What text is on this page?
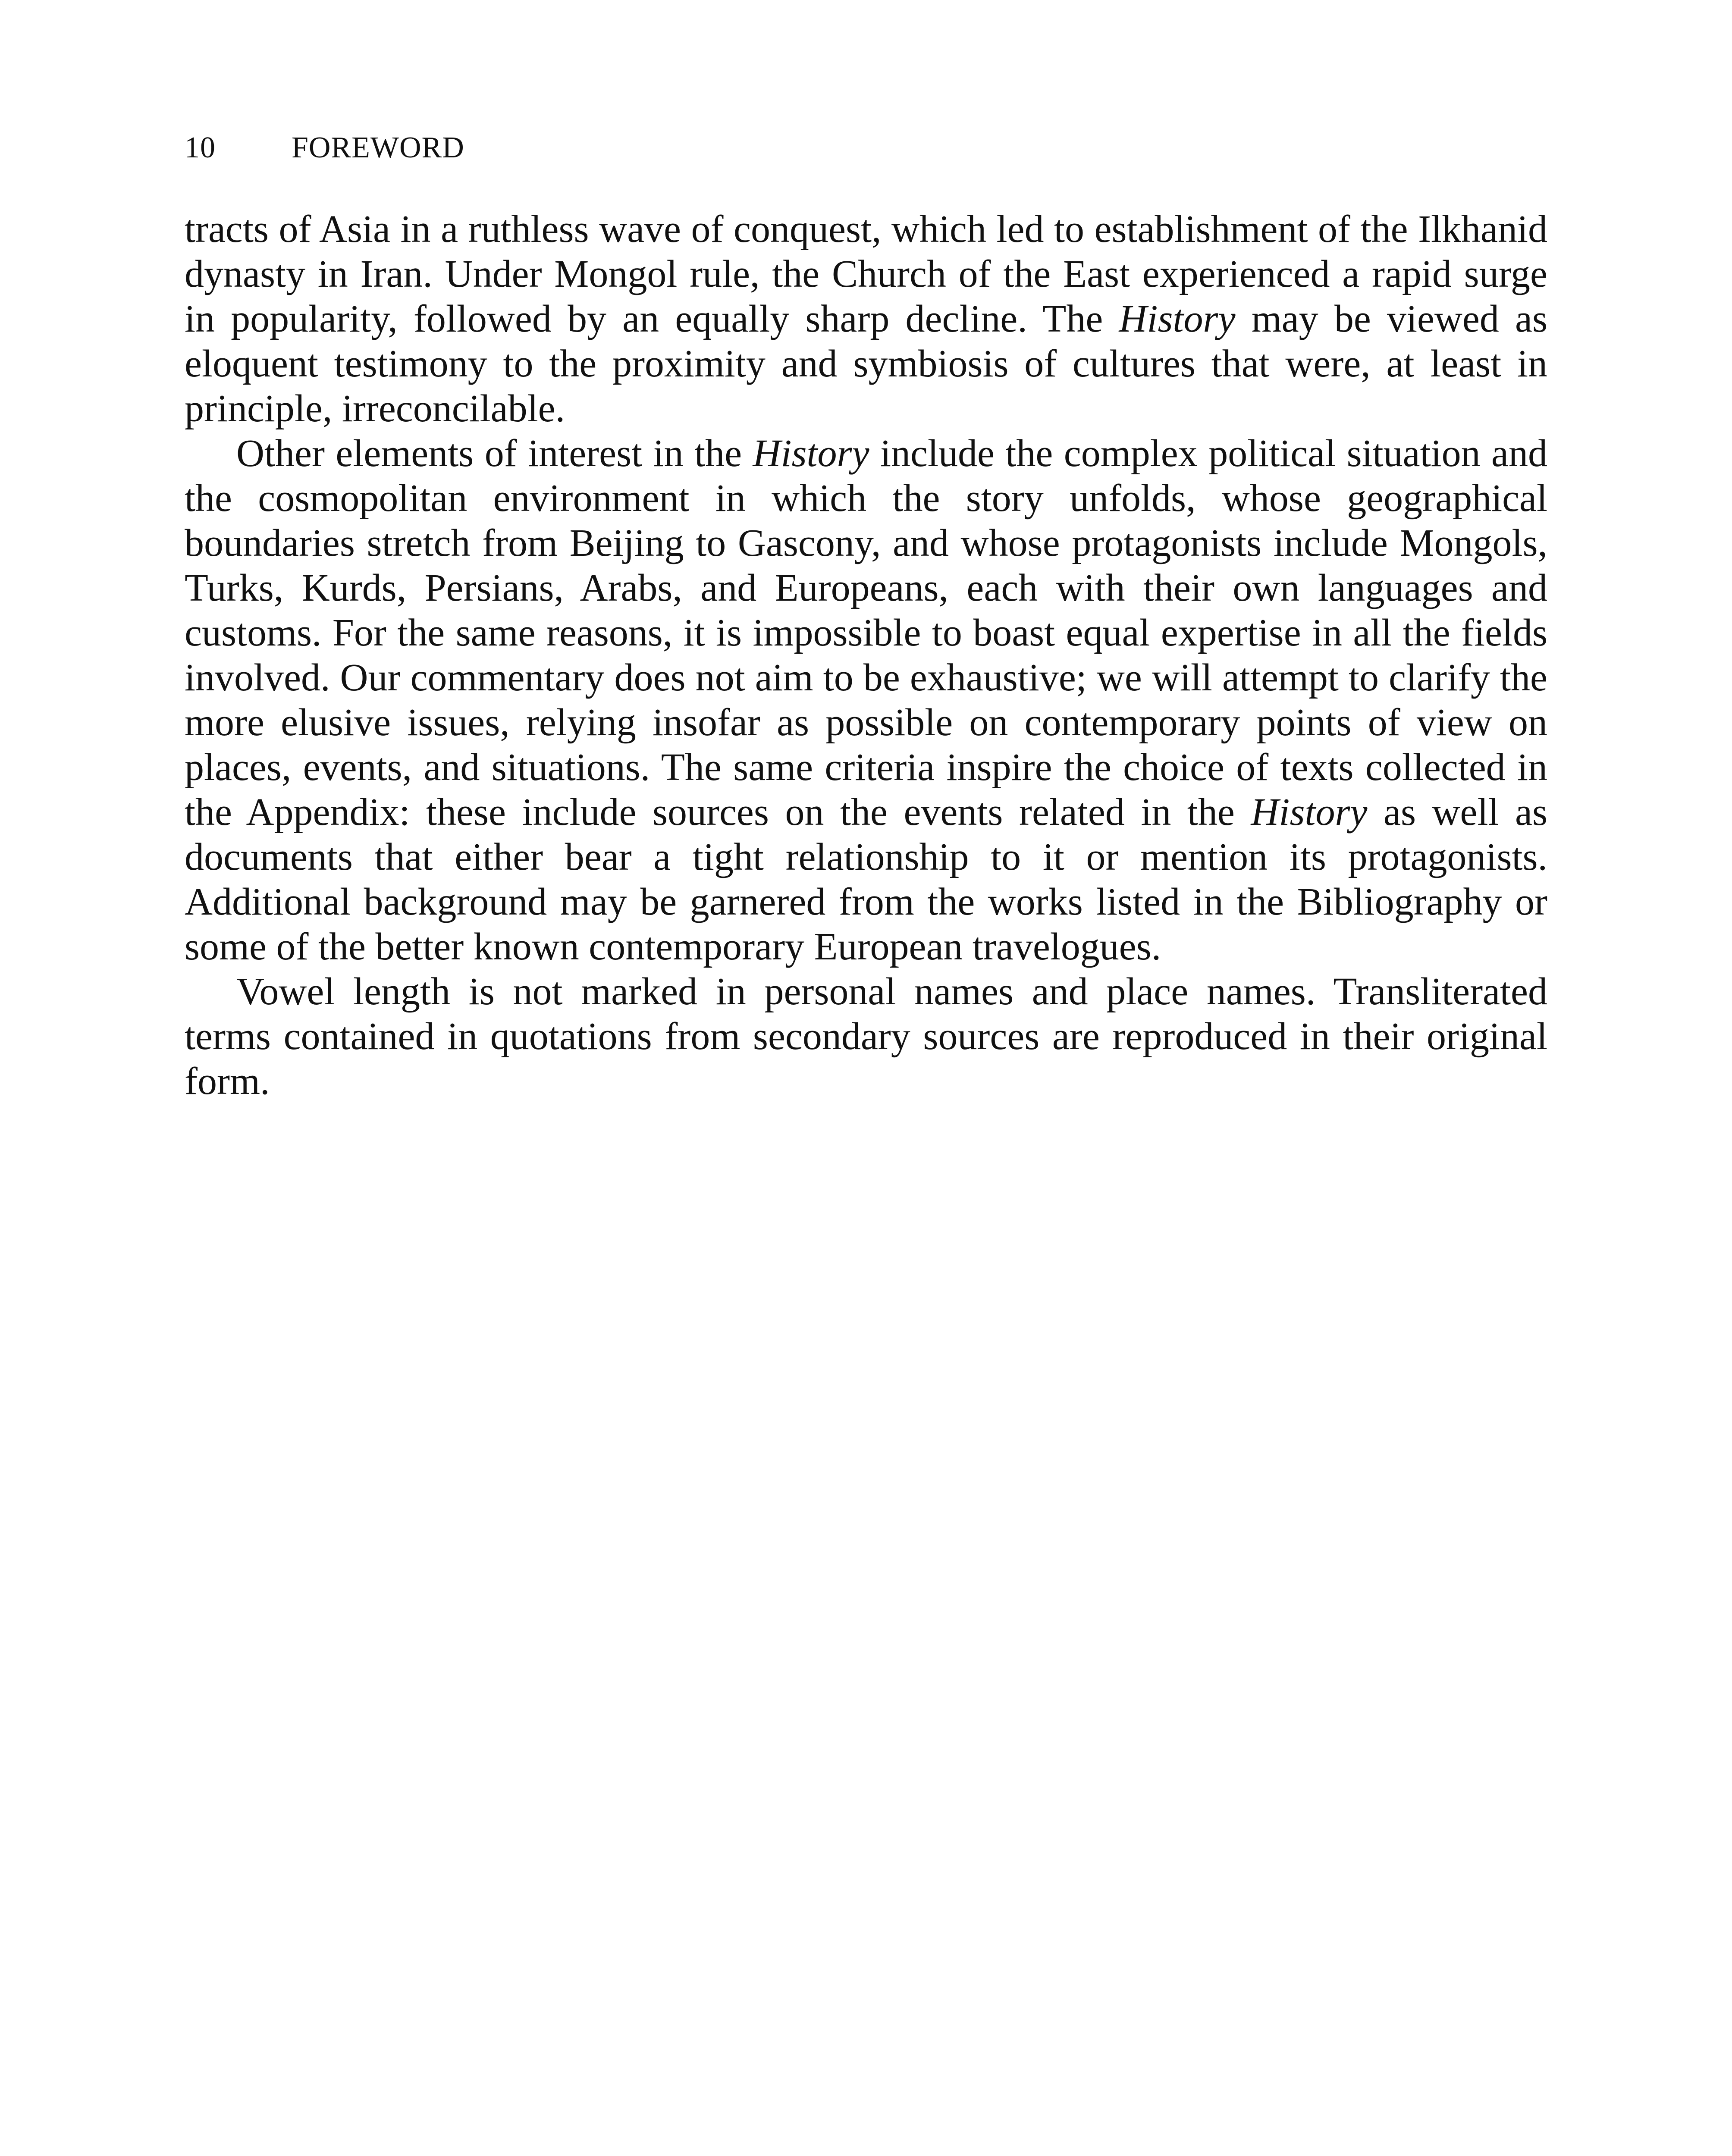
10	FOREWORD

tracts of Asia in a ruthless wave of conquest, which led to establishment of the Ilkhanid dynasty in Iran. Under Mongol rule, the Church of the East experienced a rapid surge in popularity, followed by an equally sharp decline. The History may be viewed as eloquent testimony to the proximity and symbiosis of cultures that were, at least in principle, irreconcilable.

Other elements of interest in the History include the complex political situation and the cosmopolitan environment in which the story unfolds, whose geographical boundaries stretch from Beijing to Gascony, and whose protagonists include Mongols, Turks, Kurds, Persians, Arabs, and Europeans, each with their own languages and customs. For the same reasons, it is impossible to boast equal expertise in all the fields involved. Our commentary does not aim to be exhaustive; we will attempt to clarify the more elusive issues, relying insofar as possible on contemporary points of view on places, events, and situations. The same criteria inspire the choice of texts collected in the Appendix: these include sources on the events related in the History as well as documents that either bear a tight relationship to it or mention its protagonists. Additional background may be garnered from the works listed in the Bibliography or some of the better known contemporary European travelogues.

Vowel length is not marked in personal names and place names. Transliterated terms contained in quotations from secondary sources are reproduced in their original form.
